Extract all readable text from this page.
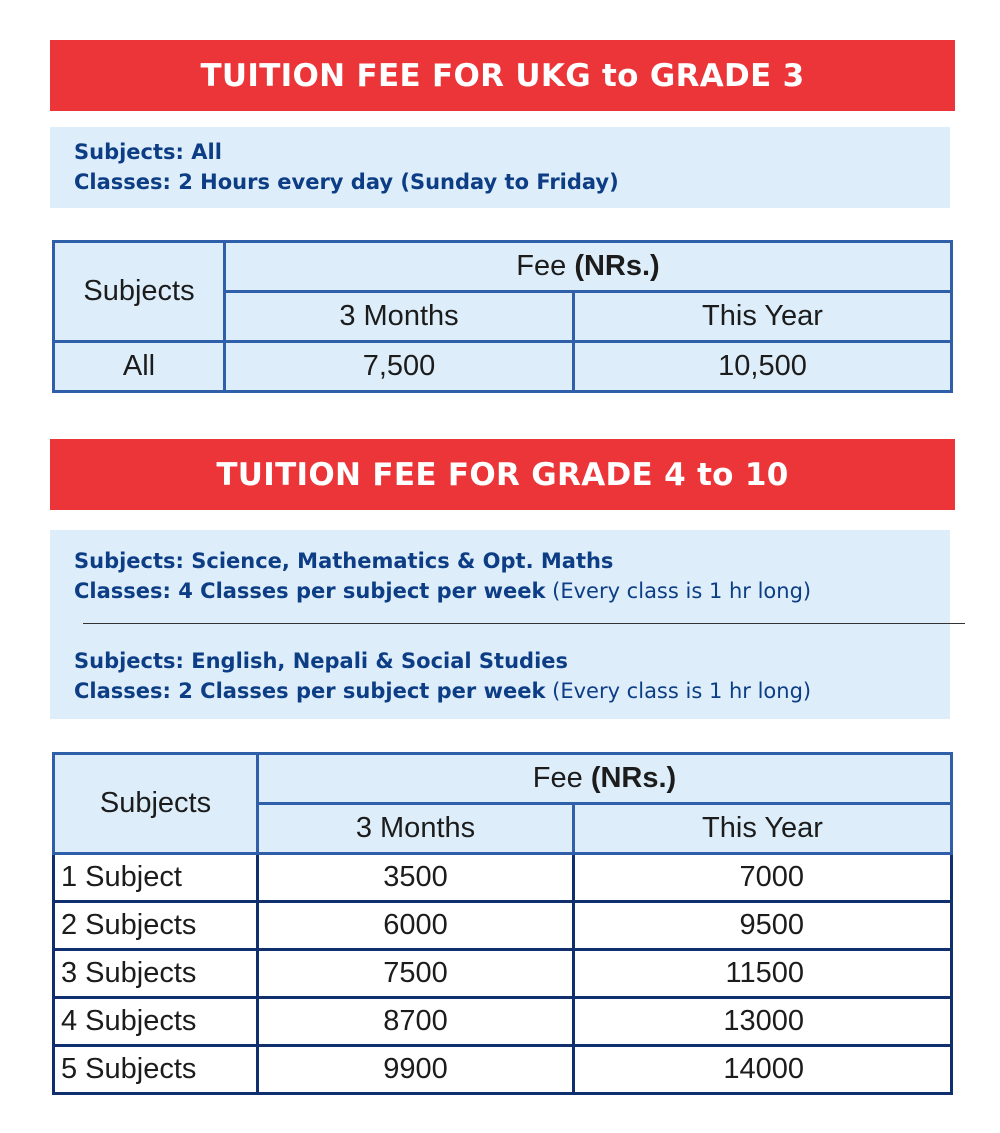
TUITION FEE FOR UKG to GRADE 3
Subjects: All
Classes: 2 Hours every day (Sunday to Friday)
Subjects	Fee (NRs.)	
	3 Months	This Year
All	7,500	10,500
TUITION FEE FOR GRADE 4 to 10
Subjects: Science, Mathematics & Opt. Maths
Classes: 4 Classes per subject per week (Every class is 1 hr long)
Subjects: English, Nepali & Social Studies
Classes: 2 Classes per subject per week (Every class is 1 hr long)
Subjects	Fee (NRs.)	
	3 Months	This Year
1 Subject	3500	7000
2 Subjects	6000	9500
3 Subjects	7500	11500
4 Subjects	8700	13000
5 Subjects	9900	14000
